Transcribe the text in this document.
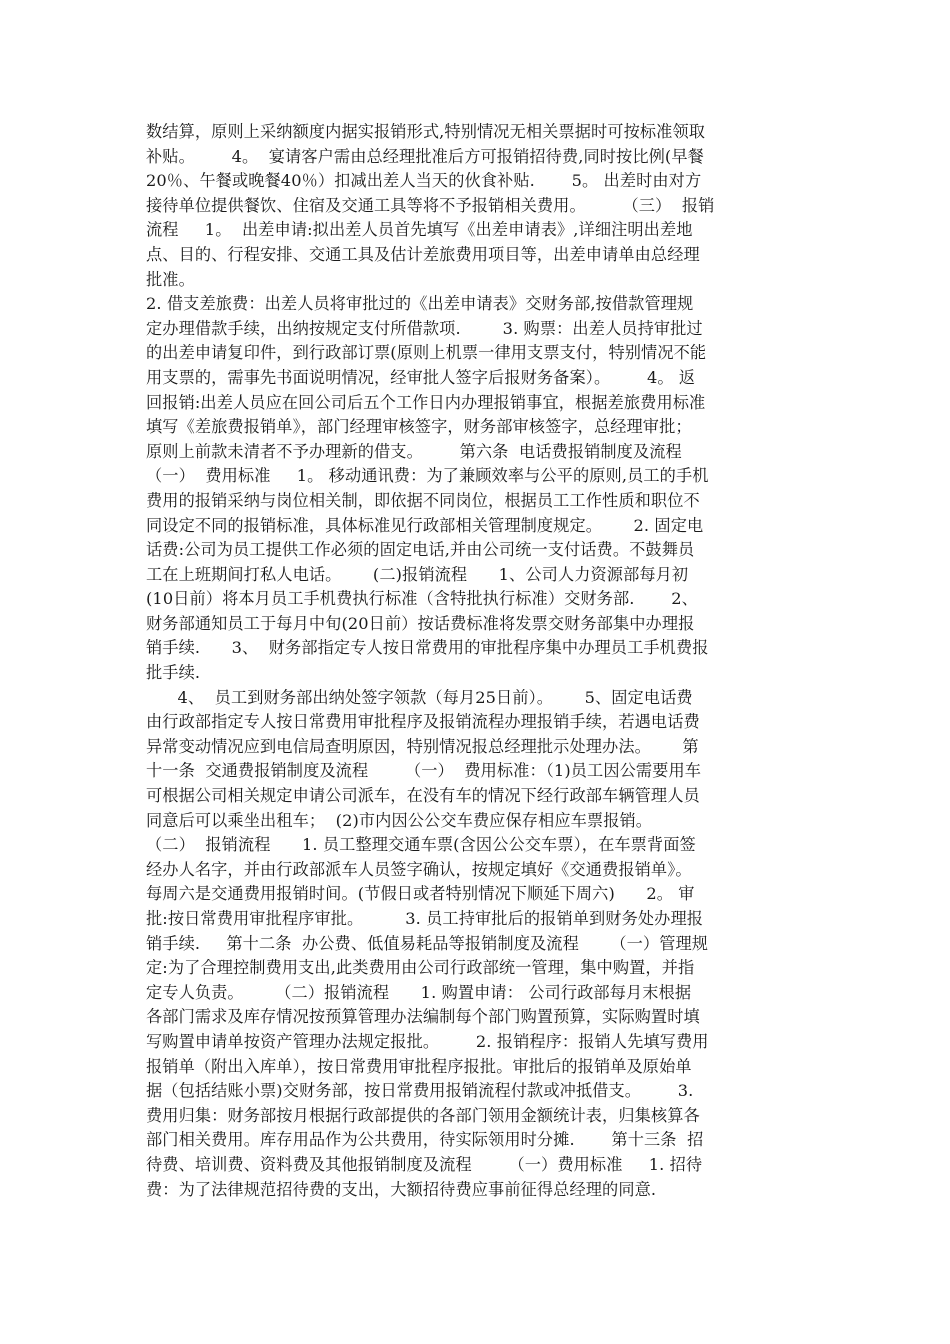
数结算，原则上采纳额度内据实报销形式,特别情况无相关票据时可按标准领取
补贴。       4。  宴请客户需由总经理批准后方可报销招待费,同时按比例(早餐
20％、午餐或晚餐40％）扣减出差人当天的伙食补贴.       5。 出差时由对方
接待单位提供餐饮、住宿及交通工具等将不予报销相关费用。       （三）  报销
流程     1。  出差申请:拟出差人员首先填写《出差申请表》,详细注明出差地
点、目的、行程安排、交通工具及估计差旅费用项目等，出差申请单由总经理
批准。
2. 借支差旅费：出差人员将审批过的《出差申请表》交财务部,按借款管理规
定办理借款手续，出纳按规定支付所借款项.        3. 购票：出差人员持审批过
的出差申请复印件，到行政部订票(原则上机票一律用支票支付，特别情况不能
用支票的，需事先书面说明情况，经审批人签字后报财务备案）。       4。 返
回报销:出差人员应在回公司后五个工作日内办理报销事宜，根据差旅费用标准
填写《差旅费报销单》，部门经理审核签字，财务部审核签字，总经理审批；
原则上前款未清者不予办理新的借支。       第六条  电话费报销制度及流程
（一）  费用标准     1。 移动通讯费：为了兼顾效率与公平的原则,员工的手机
费用的报销采纳与岗位相关制，即依据不同岗位，根据员工工作性质和职位不
同设定不同的报销标准，具体标准见行政部相关管理制度规定。      2. 固定电
话费:公司为员工提供工作必须的固定电话,并由公司统一支付话费。不鼓舞员
工在上班期间打私人电话。      (二)报销流程      1、公司人力资源部每月初
(10日前）将本月员工手机费执行标准（含特批执行标准）交财务部.       2、
财务部通知员工于每月中旬(20日前）按话费标准将发票交财务部集中办理报
销手续.      3、  财务部指定专人按日常费用的审批程序集中办理员工手机费报
批手续.
4、  员工到财务部出纳处签字领款（每月25日前）。      5、固定电话费
由行政部指定专人按日常费用审批程序及报销流程办理报销手续，若遇电话费
异常变动情况应到电信局查明原因，特别情况报总经理批示处理办法。      第
十一条  交通费报销制度及流程       （一）  费用标准：（1)员工因公需要用车
可根据公司相关规定申请公司派车，在没有车的情况下经行政部车辆管理人员
同意后可以乘坐出租车；  (2)市内因公公交车费应保存相应车票报销。
（二）  报销流程      1. 员工整理交通车票(含因公公交车票），在车票背面签
经办人名字，并由行政部派车人员签字确认，按规定填好《交通费报销单》。
每周六是交通费用报销时间。(节假日或者特别情况下顺延下周六)      2。 审
批:按日常费用审批程序审批。        3. 员工持审批后的报销单到财务处办理报
销手续.     第十二条  办公费、低值易耗品等报销制度及流程      （一）管理规
定:为了合理控制费用支出,此类费用由公司行政部统一管理，集中购置，并指
定专人负责。      （二）报销流程      1. 购置申请： 公司行政部每月末根据
各部门需求及库存情况按预算管理办法编制每个部门购置预算，实际购置时填
写购置申请单按资产管理办法规定报批。       2. 报销程序：报销人先填写费用
报销单（附出入库单），按日常费用审批程序报批。审批后的报销单及原始单
据（包括结账小票)交财务部，按日常费用报销流程付款或冲抵借支。       3.
费用归集：财务部按月根据行政部提供的各部门领用金额统计表，归集核算各
部门相关费用。库存用品作为公共费用，待实际领用时分摊.       第十三条  招
待费、培训费、资料费及其他报销制度及流程       （一）费用标准     1. 招待
费：为了法律规范招待费的支出，大额招待费应事前征得总经理的同意.
